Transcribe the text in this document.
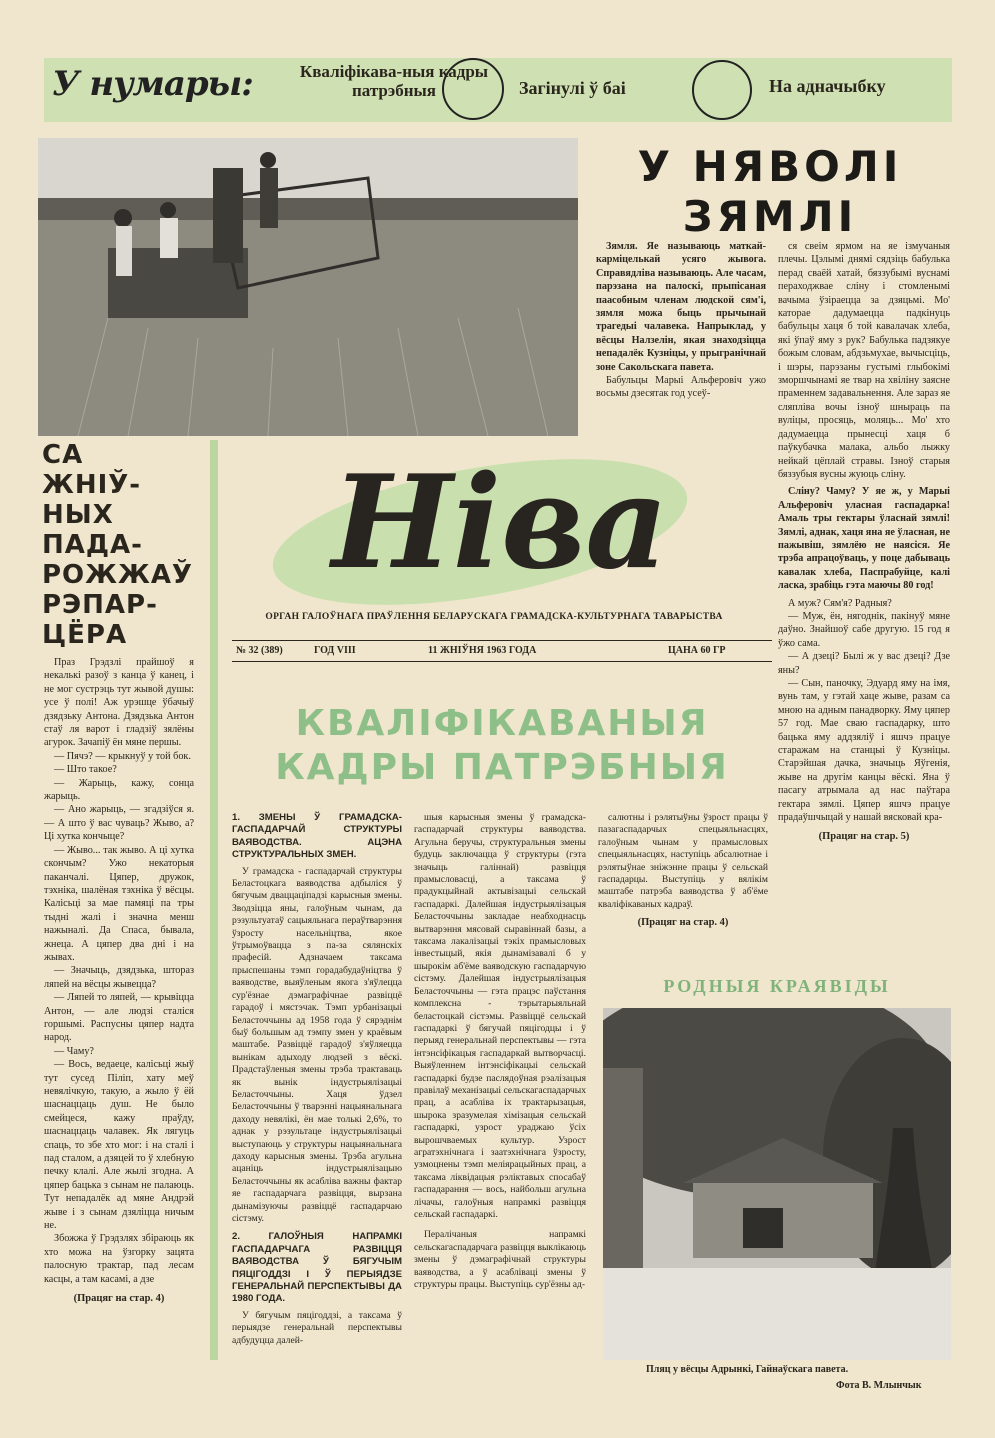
У нумары:	Кваліфікава-ныя кадры патрэбныя	Загінулі ў баі	На адначыбку
У НЯВОЛІ ЗЯМЛІ

Зямля. Яе называюць маткай-карміцелькай усяго жывога. Справядліва называюць. Але часам, парэзана на палоскі, прыпісаная паасобным членам людской сям'і, зямля можа быць прычынай трагедыі чалавека. Напрыклад, у вёсцы Налзелін, якая знаходзіцца непадалёк Кузніцы, у прыгранічнай зоне Сакольскага павета.

Бабульцы Марыі Альферовіч ужо восьмы дзесятак год усеў-

ся свеім ярмом на яе ізмучаныя плечы. Цэлымі днямі сядзіць бабулька перад сваёй хатай, бяззубымі вуснамі пераходжвае сліну і стомленымі вачыма ўзіраецца за дзяцьмі. Мо' каторае дадумаецца падкінуць бабульцы хаця б той кавалачак хлеба, які ўпаў яму з рук? Бабулька падзякуе божым словам, абдзьмухае, вычысціць, і шэры, парэзаны густымі глыбокімі зморшчынамі яе твар на хвіліну заясне праменнем задавальнення. Але зараз яе сляпліва вочы ізноў шныраць па вуліцы, просяць, моляць... Мо' хто дадумаецца прынесці хаця б паўкубачка малака, альбо лыжку нейкай цёплай стравы. Ізноў старыя бяззубыя вусны жуюць сліну.

Сліну? Чаму? У яе ж, у Марыі Альферовіч уласная гаспадарка! Амаль тры гектары ўласнай зямлі! Зямлі, аднак, хаця яна яе ўласная, не пажывіш, зямлёю не наясіся. Яе трэба апрацоўваць, у поце дабываць кавалак хлеба, Паспрабуйце, калі ласка, зрабіць гэта маючы 80 год!

А муж? Сям'я? Радныя?

— Муж, ён, нягоднік, пакінуў мяне даўно. Знайшоў сабе другую. 15 год я ўжо сама.

— А дзеці? Былі ж у вас дзеці? Дзе яны?

— Сын, паночку, Эдуард яму на імя, вунь там, у гэтай хаце жыве, разам са мною на адным панадворку. Яму цяпер 57 год. Мае сваю гаспадарку, што бацька яму аддзяліў і яшчэ працуе старажам на станцыі ў Кузніцы. Старэйшая дачка, значыць Яўгенія, жыве на другім канцы вёскі. Яна ў пасагу атрымала ад нас паўтара гектара зямлі. Цяпер яшчэ працуе прадаўшчыцай у нашай вясковай кра-

(Працяг на стар. 5)
Ніва
ОРГАН ГАЛОЎНАГА ПРАЎЛЕННЯ БЕЛАРУСКАГА ГРАМАДСКА-КУЛЬТУРНАГА ТАВАРЫСТВА
№ 32 (389)	ГОД VIII	11 ЖНІЎНЯ 1963 ГОДА	ЦАНА 60 ГР
СА ЖНІЎ-НЫХ ПАДА-РОЖЖАЎ РЭПАР-ЦЁРА

Праз Грэдзлі прайшоў я некалькі разоў з канца ў канец, і не мог сустрэць тут жывой душы: усе ў полі! Аж урэшце ўбачыў дзядзьку Антона. Дзядзька Антон стаў ля варот і гладзіў зялёны агурок. Зачапіў ён мяне першы.

— Пячэ? — крыкнуў у той бок.

— Што такое?

— Жарыць, кажу, сонца жарыць.

— Ано жарыць, — згадзіўся я. — А што ў вас чуваць? Жыво, а? Ці хутка кончыце?

— Жыво... так жыво. А ці хутка скончым? Ужо некаторыя паканчалі. Цяпер, дружок, тэхніка, шалёная тэхніка ў вёсцы. Калісьці за мае памяці па тры тыдні жалі і значна менш нажыналі. Да Спаса, бывала, жнеца. А цяпер два дні і на жывах.

— Значыць, дзядзька, штораз ляпей на вёсцы жывецца?

— Ляпей то ляпей, — крывіцца Антон, — але людзі сталіся горшымі. Распусны цяпер надта народ.

— Чаму?

— Вось, ведаеце, калісьці жыў тут сусед Піліп, хату меў невялічкую, такую, а жыло ў ёй шаснаццаць душ. Не было смейцеся, кажу праўду, шаснаццаць чалавек. Як лягуць спаць, то збе хто мог: і на сталі і пад сталом, а дзяцей то ў хлебную печку клалі. Але жылі згодна. А цяпер бацька з сынам не палаюць. Тут непадалёк ад мяне Андрэй жыве і з сынам дзяліцца ничым не.

Збожжа ў Грэдзлях збіраюць як хто можа на ўзгорку зацята палосную трактар, пад лесам касцы, а там касамі, а дзе

(Працяг на стар. 4)
КВАЛІФІКАВАНЫЯ КАДРЫ ПАТРЭБНЫЯ

1. ЗМЕНЫ Ў ГРАМАДСКА-ГАСПАДАРЧАЙ СТРУКТУРЫ ВАЯВОДСТВА. АЦЭНА СТРУКТУРАЛЬНЫХ ЗМЕН.

У грамадска - гаспадарчай структуры Беластоцкага ваяводства адбыліся ў бягучым дваццаціпадзі карысныя змены. Зводзіцца яны, галоўным чынам, да рэзультуатаў сацыяльнага пераўтварэння ўзросту насельніцтва, якое ўтрымоўвацца з па-за сялянскіх прафесій. Адзначаем таксама прыспешаны тэмп горадабудаўніцтва ў ваяводстве, выяўленым якога з'яўлецца сур'ёзнае дэмаграфічнае развіццё гарадоў і мястэчак. Тэмп урбанізацыі Беласточчыны ад 1958 года ў сярэднім быў большым ад тэмпу змен у краёвым маштабе. Развіццё гарадоў з'яўляецца вынікам адыходу людзей з вёскі. Прадстаўленыя змены трэба трактаваць як вынік індустрыялізацыі Беласточчыны. Хаця ўдзел Беласточчыны ў тварэнні нацыянальнага даходу невялікі, ён мае толькі 2,6%, то аднак у рэзультаце індустрыялізацыі выступаюць у структуры нацыянальнага даходу карысныя змены. Трэба агульна ацаніць індустрыялізацыю Беласточчыны як асабліва важны фактар яе гаспадарчага развіцця, вырзана дынамізуючы развіццё гаспадарчаю сістэму.

2. ГАЛОЎНЫЯ НАПРАМКІ ГАСПАДАРЧАГА РАЗВІЦЦЯ ВАЯВОДСТВА Ў БЯГУЧЫМ ПЯЦІГОДДЗІ І Ў ПЕРЫЯДЗЕ ГЕНЕРАЛЬНАЙ ПЕРСПЕКТЫВЫ ДА 1980 ГОДА.

У бягучым пяцігоддзі, а таксама ў перыядзе генеральнай перспектывы адбудуцца далей-

шыя карысныя змены ў грамадска-гаспадарчай структуры ваяводства. Агульна беручы, структуральныя змены будуць заключацца ў структуры (гэта значыць галіннай) развіцця прамысловасці, а таксама ў прадукцыйнай актывізацыі сельскай гаспадаркі. Далейшая індустрыялізацыя Беласточчыны закладае неабходнасць вытварэння мясовай сыравіннай базы, а таксама лакалізацыі тэкіх прамысловых інвестыцый, якія дынамізавалі б у шырокім аб'ёме ваяводскую гаспадарчую сістэму. Далейшая індустрыялізацыя Беласточчыны — гэта працэс паўстання комплексна - тэрытарыяльнай беластоцкай сістэмы. Развіццё сельскай гаспадаркі ў бягучай пяцігодцы і ў перыяд генеральнай перспектывы — гэта інтэнсіфікацыя гаспадаркай вытворчасці. Выяўленнем інтэнсіфікацыі сельскай гаспадаркі будзе паслядоўная рэалізацыя правілаў механізацыі сельскагаспадарчых прац, а асабліва іх трактарызацыя, шырока зразумелая хімізацыя сельскай гаспадаркі, узрост ураджаю ўсіх вырошчваемых культур. Узрост агратэхнічнага і заатэхнічнага ўзросту, узмоцнены тэмп меліярацыйных прац, а таксама ліквідацыя рэліктавых спосабаў гаспадарання — вось, найбольш агульна лічачы, галоўныя напрамкі развіцця сельскай гаспадаркі.

Пералічаныя напрамкі сельскагаспадарчага развіцця выклікаюць змены ў дэмаграфічнай структуры ваяводства, а ў асабліваці змены ў структуры працы. Выступіць сур'ёзны ад-

салютны і рэлятыўны ўзрост працы ў пазагаспадарчых спецыяльнасцях, галоўным чынам у прамысловых спецыяльнасцях, наступіць абсалютнае і рэлятыўнае зніжэнне працы ў сельскай гаспадарцы. Выступіць у вялікім маштабе патрэба ваяводства ў аб'ёме кваліфікаваных кадраў.

(Працяг на стар. 4)
РОДНЫЯ КРАЯВІДЫ
Пляц у вёсцы Адрынкі, Гайнаўскага павета.
Фота В. Млынчык
